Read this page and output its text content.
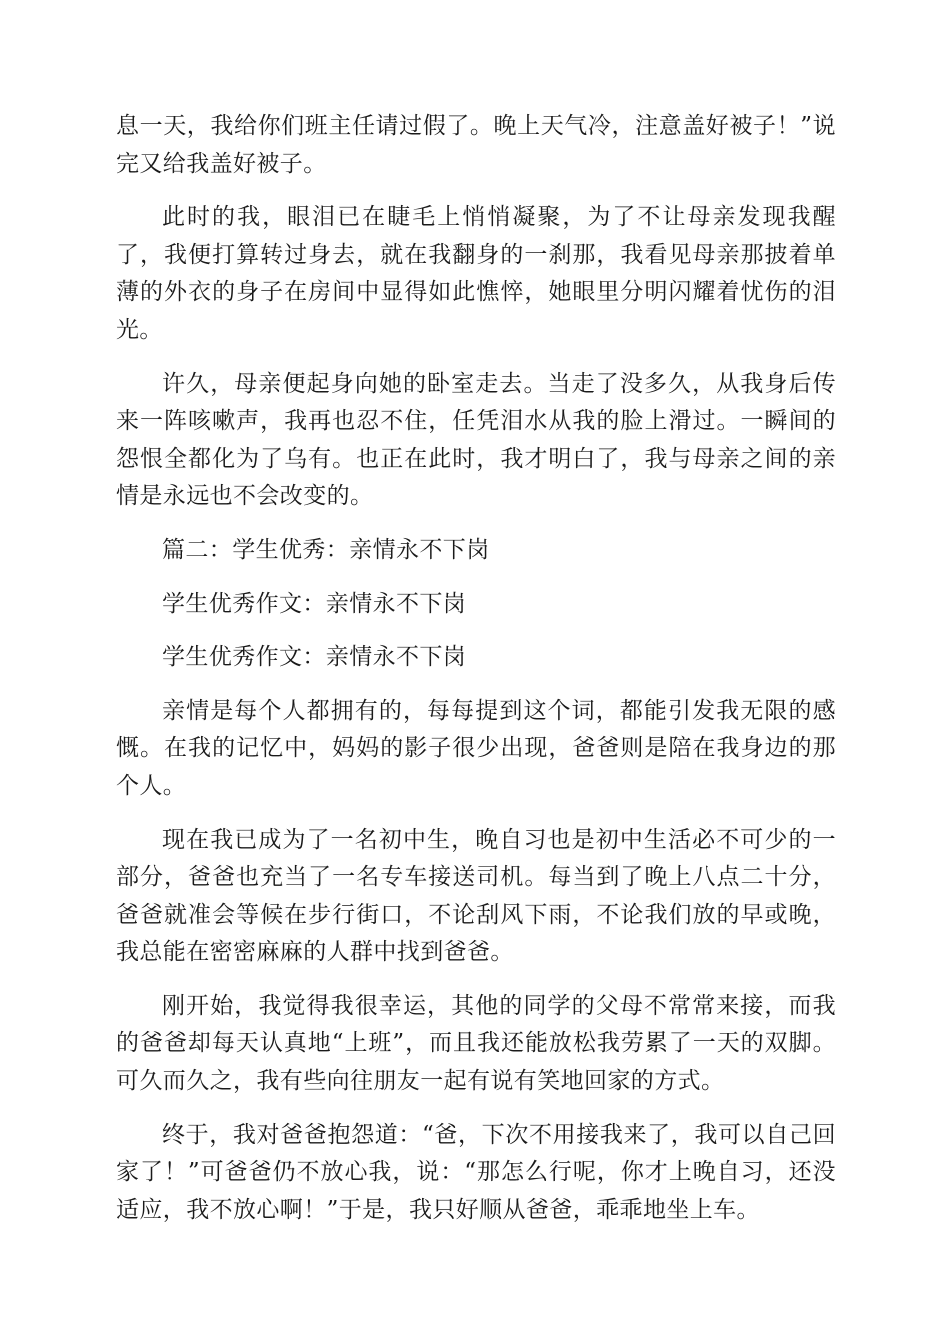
息一天，我给你们班主任请过假了。晚上天气冷，注意盖好被子！”说完又给我盖好被子。

此时的我，眼泪已在睫毛上悄悄凝聚，为了不让母亲发现我醒了，我便打算转过身去，就在我翻身的一刹那，我看见母亲那披着单薄的外衣的身子在房间中显得如此憔悴，她眼里分明闪耀着忧伤的泪光。

许久，母亲便起身向她的卧室走去。当走了没多久，从我身后传来一阵咳嗽声，我再也忍不住，任凭泪水从我的脸上滑过。一瞬间的怨恨全都化为了乌有。也正在此时，我才明白了，我与母亲之间的亲情是永远也不会改变的。

篇二：学生优秀：亲情永不下岗

学生优秀作文：亲情永不下岗

学生优秀作文：亲情永不下岗

亲情是每个人都拥有的，每每提到这个词，都能引发我无限的感慨。在我的记忆中，妈妈的影子很少出现，爸爸则是陪在我身边的那个人。

现在我已成为了一名初中生，晚自习也是初中生活必不可少的一部分，爸爸也充当了一名专车接送司机。每当到了晚上八点二十分，爸爸就准会等候在步行街口，不论刮风下雨，不论我们放的早或晚，我总能在密密麻麻的人群中找到爸爸。

刚开始，我觉得我很幸运，其他的同学的父母不常常来接，而我的爸爸却每天认真地“上班”，而且我还能放松我劳累了一天的双脚。可久而久之，我有些向往朋友一起有说有笑地回家的方式。

终于，我对爸爸抱怨道：“爸，下次不用接我来了，我可以自己回家了！”可爸爸仍不放心我，说：“那怎么行呢，你才上晚自习，还没适应，我不放心啊！”于是，我只好顺从爸爸，乖乖地坐上车。
